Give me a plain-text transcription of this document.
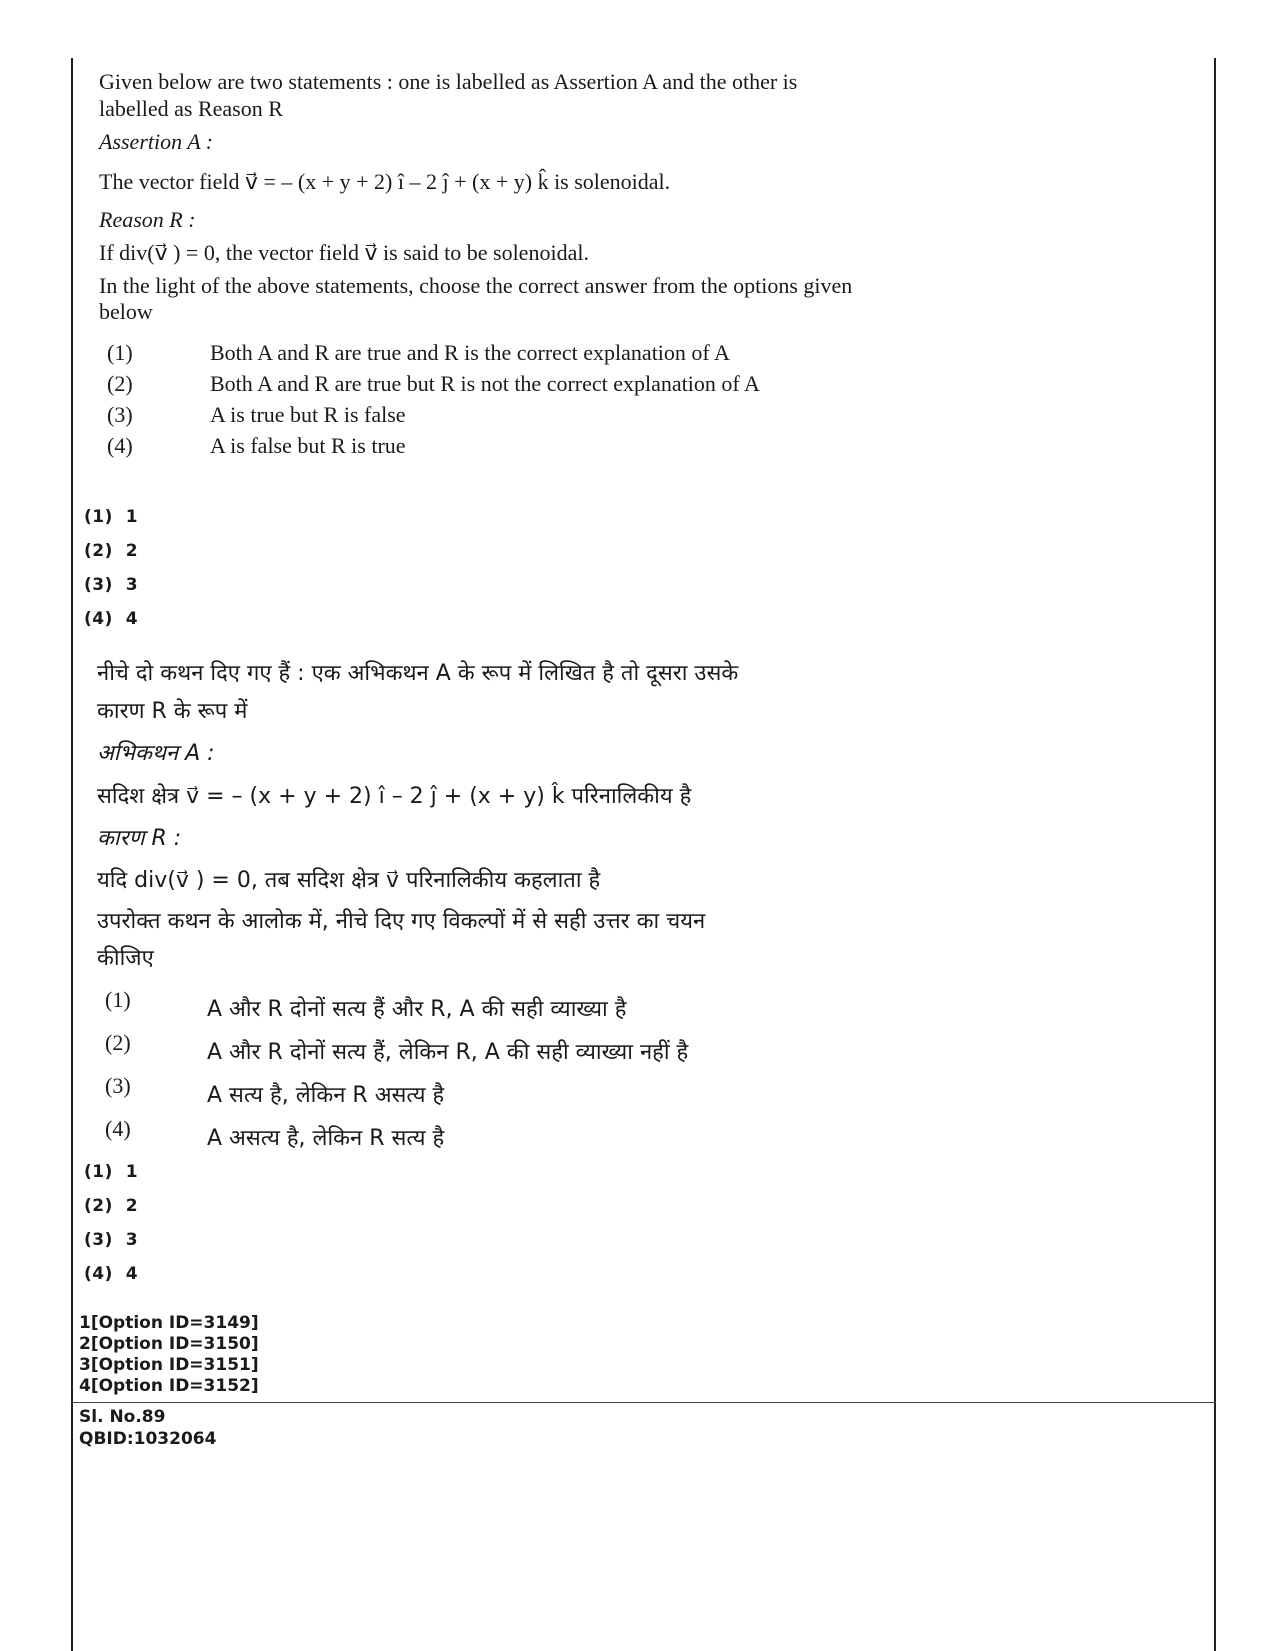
Given below are two statements : one is labelled as Assertion A and the other is
labelled as Reason R
Assertion A :
The vector field v⃗ = – (x + y + 2) î – 2 ĵ + (x + y) k̂ is solenoidal.
Reason R :
If div(v⃗ ) = 0, the vector field v⃗ is said to be solenoidal.
In the light of the above statements, choose the correct answer from the options given
below
(1)	Both A and R are true and R is the correct explanation of A
(2)	Both A and R are true but R is not the correct explanation of A
(3)	A is true but R is false
(4)	A is false but R is true
(1)  1
(2)  2
(3)  3
(4)  4
नीचे दो कथन दिए गए हैं : एक अभिकथन A के रूप में लिखित है तो दूसरा उसके
कारण R के रूप में
अभिकथन A :
सदिश क्षेत्र v⃗ = – (x + y + 2) î – 2 ĵ + (x + y) k̂ परिनालिकीय है
कारण R :
यदि div(v⃗ ) = 0, तब सदिश क्षेत्र v⃗ परिनालिकीय कहलाता है
उपरोक्त कथन के आलोक में, नीचे दिए गए विकल्पों में से सही उत्तर का चयन
कीजिए
(1)	A और R दोनों सत्य हैं और R, A की सही व्याख्या है
(2)	A और R दोनों सत्य हैं, लेकिन R, A की सही व्याख्या नहीं है
(3)	A सत्य है, लेकिन R असत्य है
(4)	A असत्य है, लेकिन R सत्य है
(1)  1
(2)  2
(3)  3
(4)  4
1[Option ID=3149]
2[Option ID=3150]
3[Option ID=3151]
4[Option ID=3152]
Sl. No.89
QBID:1032064
